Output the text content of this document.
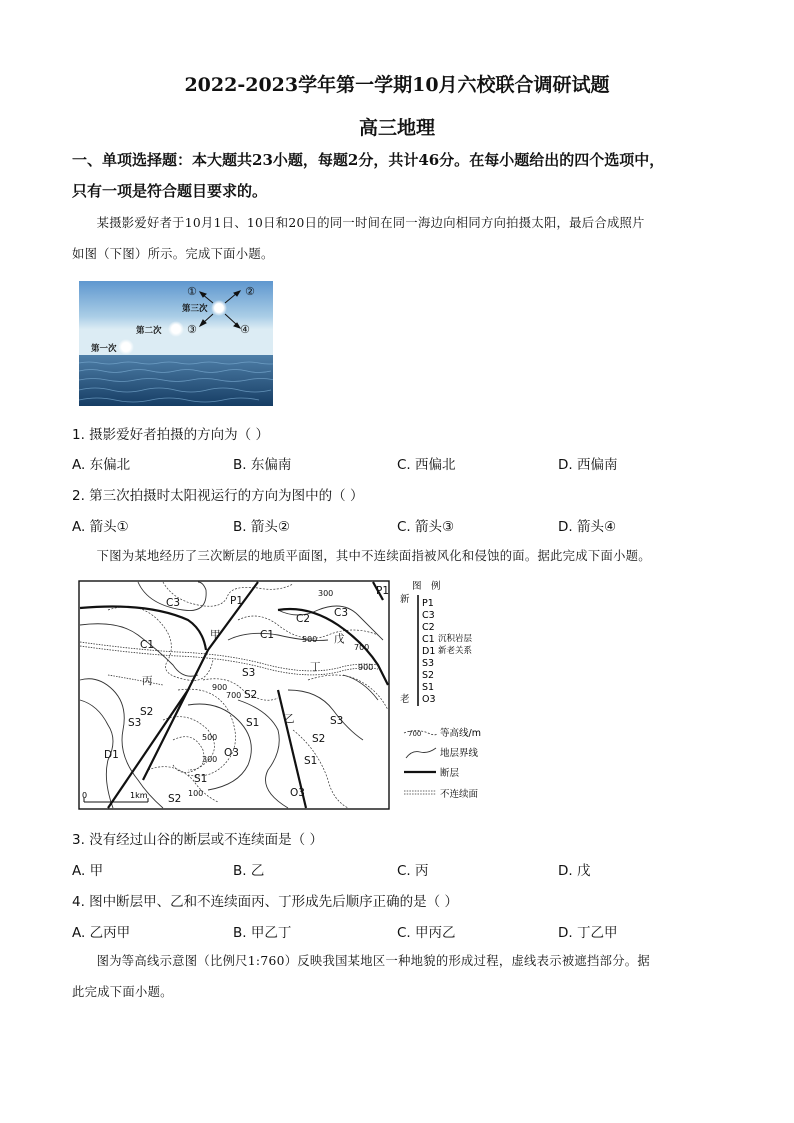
2022-2023学年第一学期10月六校联合调研试题
高三地理
一、单项选择题：本大题共23小题，每题2分，共计46分。在每小题给出的四个选项中，
只有一项是符合题目要求的。
某摄影爱好者于10月1日、10日和20日的同一时间在同一海边向相同方向拍摄太阳，最后合成照片
如图（下图）所示。完成下面小题。
第一次
第二次
第三次
①	②
③	④
1. 摄影爱好者拍摄的方向为（ ）
A. 东偏北	B. 东偏南	C. 西偏北	D. 西偏南
2. 第三次拍摄时太阳视运行的方向为图中的（ ）
A. 箭头①	B. 箭头②	C. 箭头③	D. 箭头④
下图为某地经历了三次断层的地质平面图，其中不连续面指被风化和侵蚀的面。据此完成下面小题。
0	1km
C3	P1
P1
C2 C3
甲	C1	戊
C1
丁
S3
丙
S2
S2
S3	乙
S1	S3
S2
O3
D1	S1
S1
O3
S2
300
500
700
900
900
700
500
300
100
图　例
新
老
P1
C3
C2
C1
D1
S3
S2
S1
O3
沉积岩层
新老关系
700 等高线/m
地层界线
断层
不连续面
3. 没有经过山谷的断层或不连续面是（ ）
A. 甲	B. 乙	C. 丙	D. 戊
4. 图中断层甲、乙和不连续面丙、丁形成先后顺序正确的是（ ）
A. 乙丙甲	B. 甲乙丁	C. 甲丙乙	D. 丁乙甲
图为等高线示意图（比例尺1:760）反映我国某地区一种地貌的形成过程，虚线表示被遮挡部分。据
此完成下面小题。
